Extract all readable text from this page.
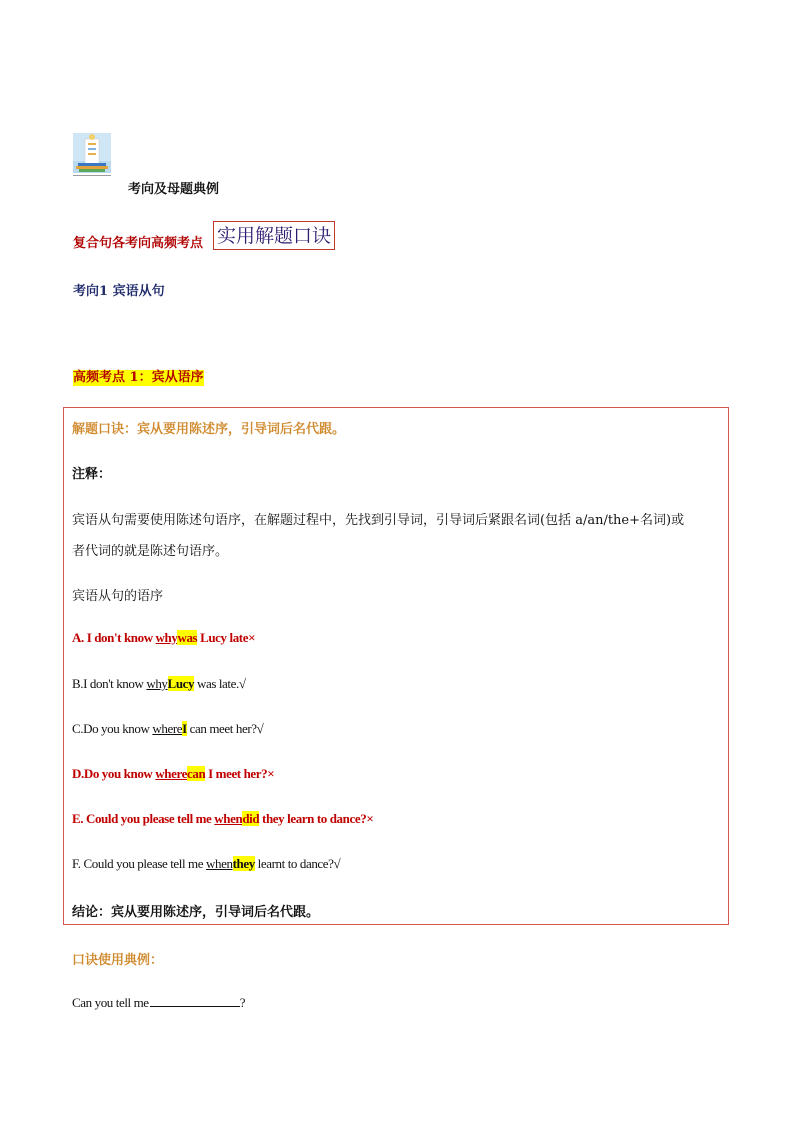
考向及母题典例
复合句各考向高频考点 实用解题口诀
考向1 宾语从句
高频考点 1：宾从语序
解题口诀：宾从要用陈述序，引导词后名代跟。
注释：
宾语从句需要使用陈述句语序，在解题过程中，先找到引导词，引导词后紧跟名词(包括 a/an/the+名词)或
者代词的就是陈述句语序。
宾语从句的语序
A. I don't know whywas Lucy late×
B.I don't know whyLucy was late.√
C.Do you know whereI can meet her?√
D.Do you know wherecan I meet her?×
E. Could you please tell me whendid they learn to dance?×
F. Could you please tell me whenthey learnt to dance?√
结论：宾从要用陈述序，引导词后名代跟。
口诀使用典例：
Can you tell me	?
